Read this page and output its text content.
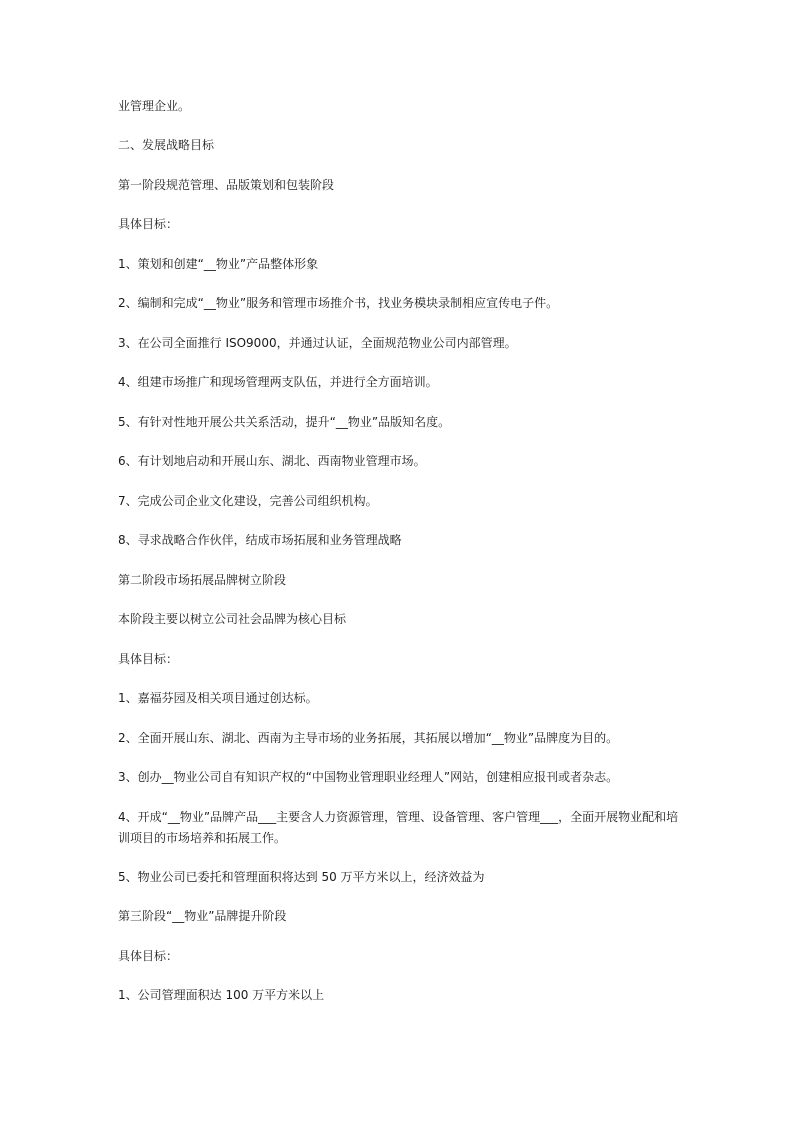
业管理企业。
二、发展战略目标
第一阶段规范管理、品版策划和包装阶段
具体目标：
1、策划和创建“__物业”产品整体形象
2、编制和完成“__物业”服务和管理市场推介书，找业务模块录制相应宣传电子件。
3、在公司全面推行 ISO9000，并通过认证，全面规范物业公司内部管理。
4、组建市场推广和现场管理两支队伍，并进行全方面培训。
5、有针对性地开展公共关系活动，提升“__物业”品版知名度。
6、有计划地启动和开展山东、湖北、西南物业管理市场。
7、完成公司企业文化建设，完善公司组织机构。
8、寻求战略合作伙伴，结成市场拓展和业务管理战略
第二阶段市场拓展品牌树立阶段
本阶段主要以树立公司社会品牌为核心目标
具体目标：
1、嘉福芬园及相关项目通过创达标。
2、全面开展山东、湖北、西南为主导市场的业务拓展，其拓展以增加“__物业”品牌度为目的。
3、创办__物业公司自有知识产权的“中国物业管理职业经理人”网站，创建相应报刊或者杂志。
4、开成“__物业”品牌产品___主要含人力资源管理，管理、设备管理、客户管理___，全面开展物业配和培训项目的市场培养和拓展工作。
5、物业公司已委托和管理面积将达到 50 万平方米以上，经济效益为
第三阶段“__物业”品牌提升阶段
具体目标：
1、公司管理面积达 100 万平方米以上
